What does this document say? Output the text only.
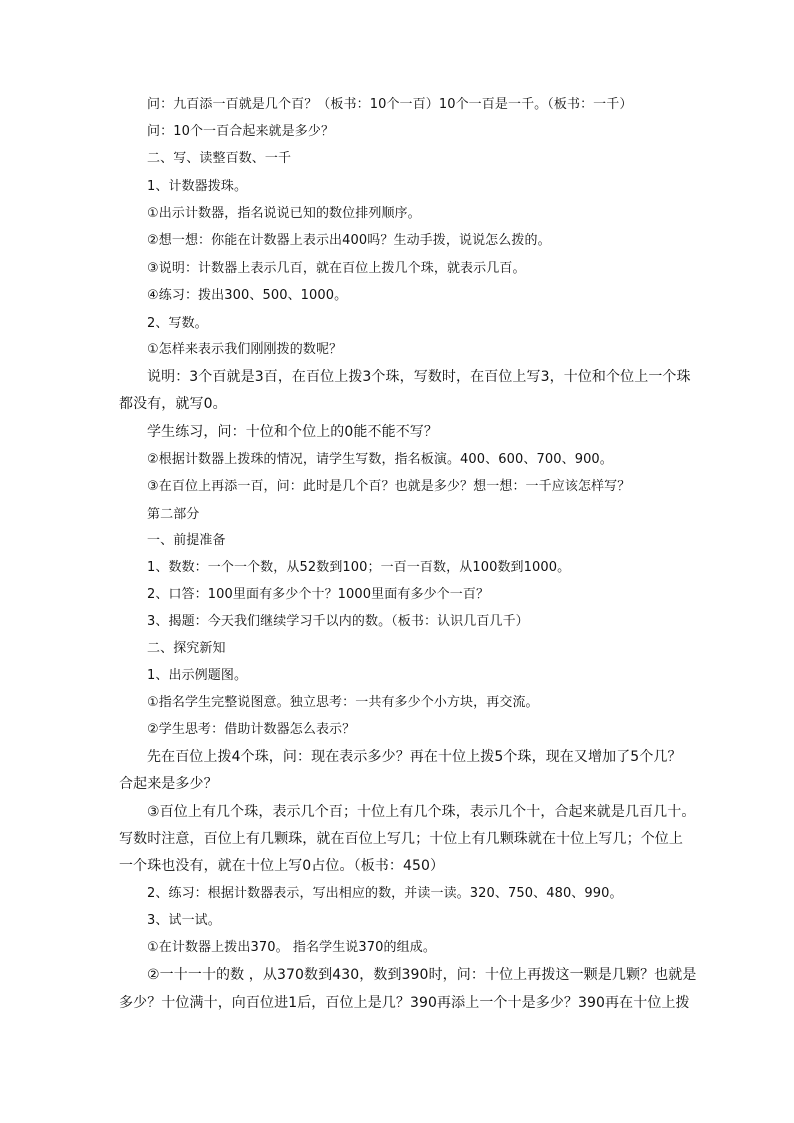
问：九百添一百就是几个百？（板书：10个一百）10个一百是一千。（板书：一千）
问：10个一百合起来就是多少？
二、写、读整百数、一千
1、计数器拨珠。
①出示计数器，指名说说已知的数位排列顺序。
②想一想：你能在计数器上表示出400吗？生动手拨，说说怎么拨的。
③说明：计数器上表示几百，就在百位上拨几个珠，就表示几百。
④练习：拨出300、500、1000。
2、写数。
①怎样来表示我们刚刚拨的数呢？
说明：3个百就是3百，在百位上拨3个珠，写数时，在百位上写3，十位和个位上一个珠
都没有，就写0。
学生练习，问：十位和个位上的0能不能不写？
②根据计数器上拨珠的情况，请学生写数，指名板演。400、600、700、900。
③在百位上再添一百，问：此时是几个百？也就是多少？想一想：一千应该怎样写？
第二部分
一、前提准备
1、数数：一个一个数，从52数到100；一百一百数，从100数到1000。
2、口答：100里面有多少个十？1000里面有多少个一百？
3、揭题：今天我们继续学习千以内的数。（板书：认识几百几千）
二、探究新知
1、出示例题图。
①指名学生完整说图意。独立思考：一共有多少个小方块，再交流。
②学生思考：借助计数器怎么表示？
先在百位上拨4个珠，问：现在表示多少？再在十位上拨5个珠，现在又增加了5个几？
合起来是多少？
③百位上有几个珠，表示几个百；十位上有几个珠，表示几个十，合起来就是几百几十。
写数时注意，百位上有几颗珠，就在百位上写几；十位上有几颗珠就在十位上写几；个位上
一个珠也没有，就在十位上写0占位。（板书：450）
2、练习：根据计数器表示，写出相应的数，并读一读。320、750、480、990。
3、试一试。
①在计数器上拨出370。 指名学生说370的组成。
②一十一十的数 ，从370数到430，数到390时，问：十位上再拨这一颗是几颗？也就是
多少？十位满十，向百位进1后，百位上是几？390再添上一个十是多少？390再在十位上拨
